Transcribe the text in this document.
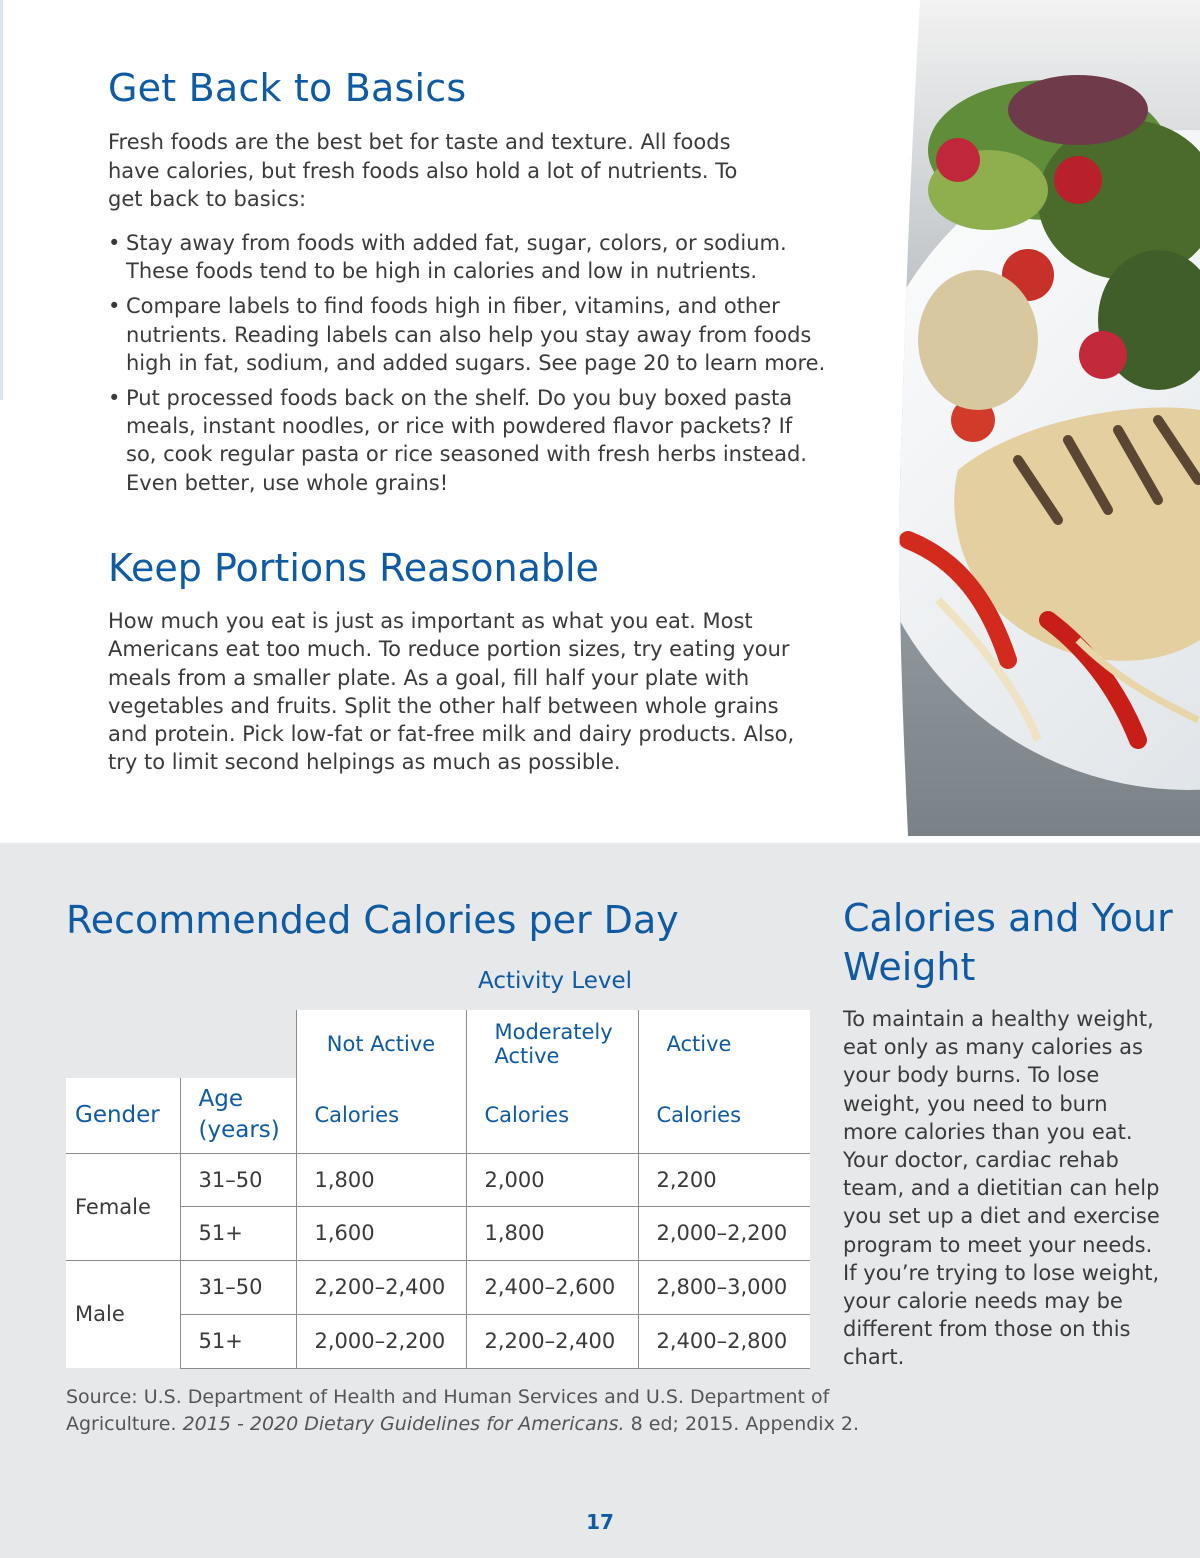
Get Back to Basics

Fresh foods are the best bet for taste and texture. All foods have calories, but fresh foods also hold a lot of nutrients. To get back to basics:

• Stay away from foods with added fat, sugar, colors, or sodium. These foods tend to be high in calories and low in nutrients.
• Compare labels to find foods high in fiber, vitamins, and other nutrients. Reading labels can also help you stay away from foods high in fat, sodium, and added sugars. See page 20 to learn more.
• Put processed foods back on the shelf. Do you buy boxed pasta meals, instant noodles, or rice with powdered flavor packets? If so, cook regular pasta or rice seasoned with fresh herbs instead. Even better, use whole grains!
Keep Portions Reasonable

How much you eat is just as important as what you eat. Most Americans eat too much. To reduce portion sizes, try eating your meals from a smaller plate. As a goal, fill half your plate with vegetables and fruits. Split the other half between whole grains and protein. Pick low-fat or fat-free milk and dairy products. Also, try to limit second helpings as much as possible.

Recommended Calories per Day
Activity Level
		Not Active	Moderately Active	Active
Gender	Age (years)	Calories	Calories	Calories
Female	31–50	1,800	2,000	2,200
	51+	1,600	1,800	2,000–2,200
Male	31–50	2,200–2,400	2,400–2,600	2,800–3,000
	51+	2,000–2,200	2,200–2,400	2,400–2,800

Source: U.S. Department of Health and Human Services and U.S. Department of Agriculture. 2015 - 2020 Dietary Guidelines for Americans. 8 ed; 2015. Appendix 2.

Calories and Your Weight

To maintain a healthy weight, eat only as many calories as your body burns. To lose weight, you need to burn more calories than you eat. Your doctor, cardiac rehab team, and a dietitian can help you set up a diet and exercise program to meet your needs. If you’re trying to lose weight, your calorie needs may be different from those on this chart.

17
